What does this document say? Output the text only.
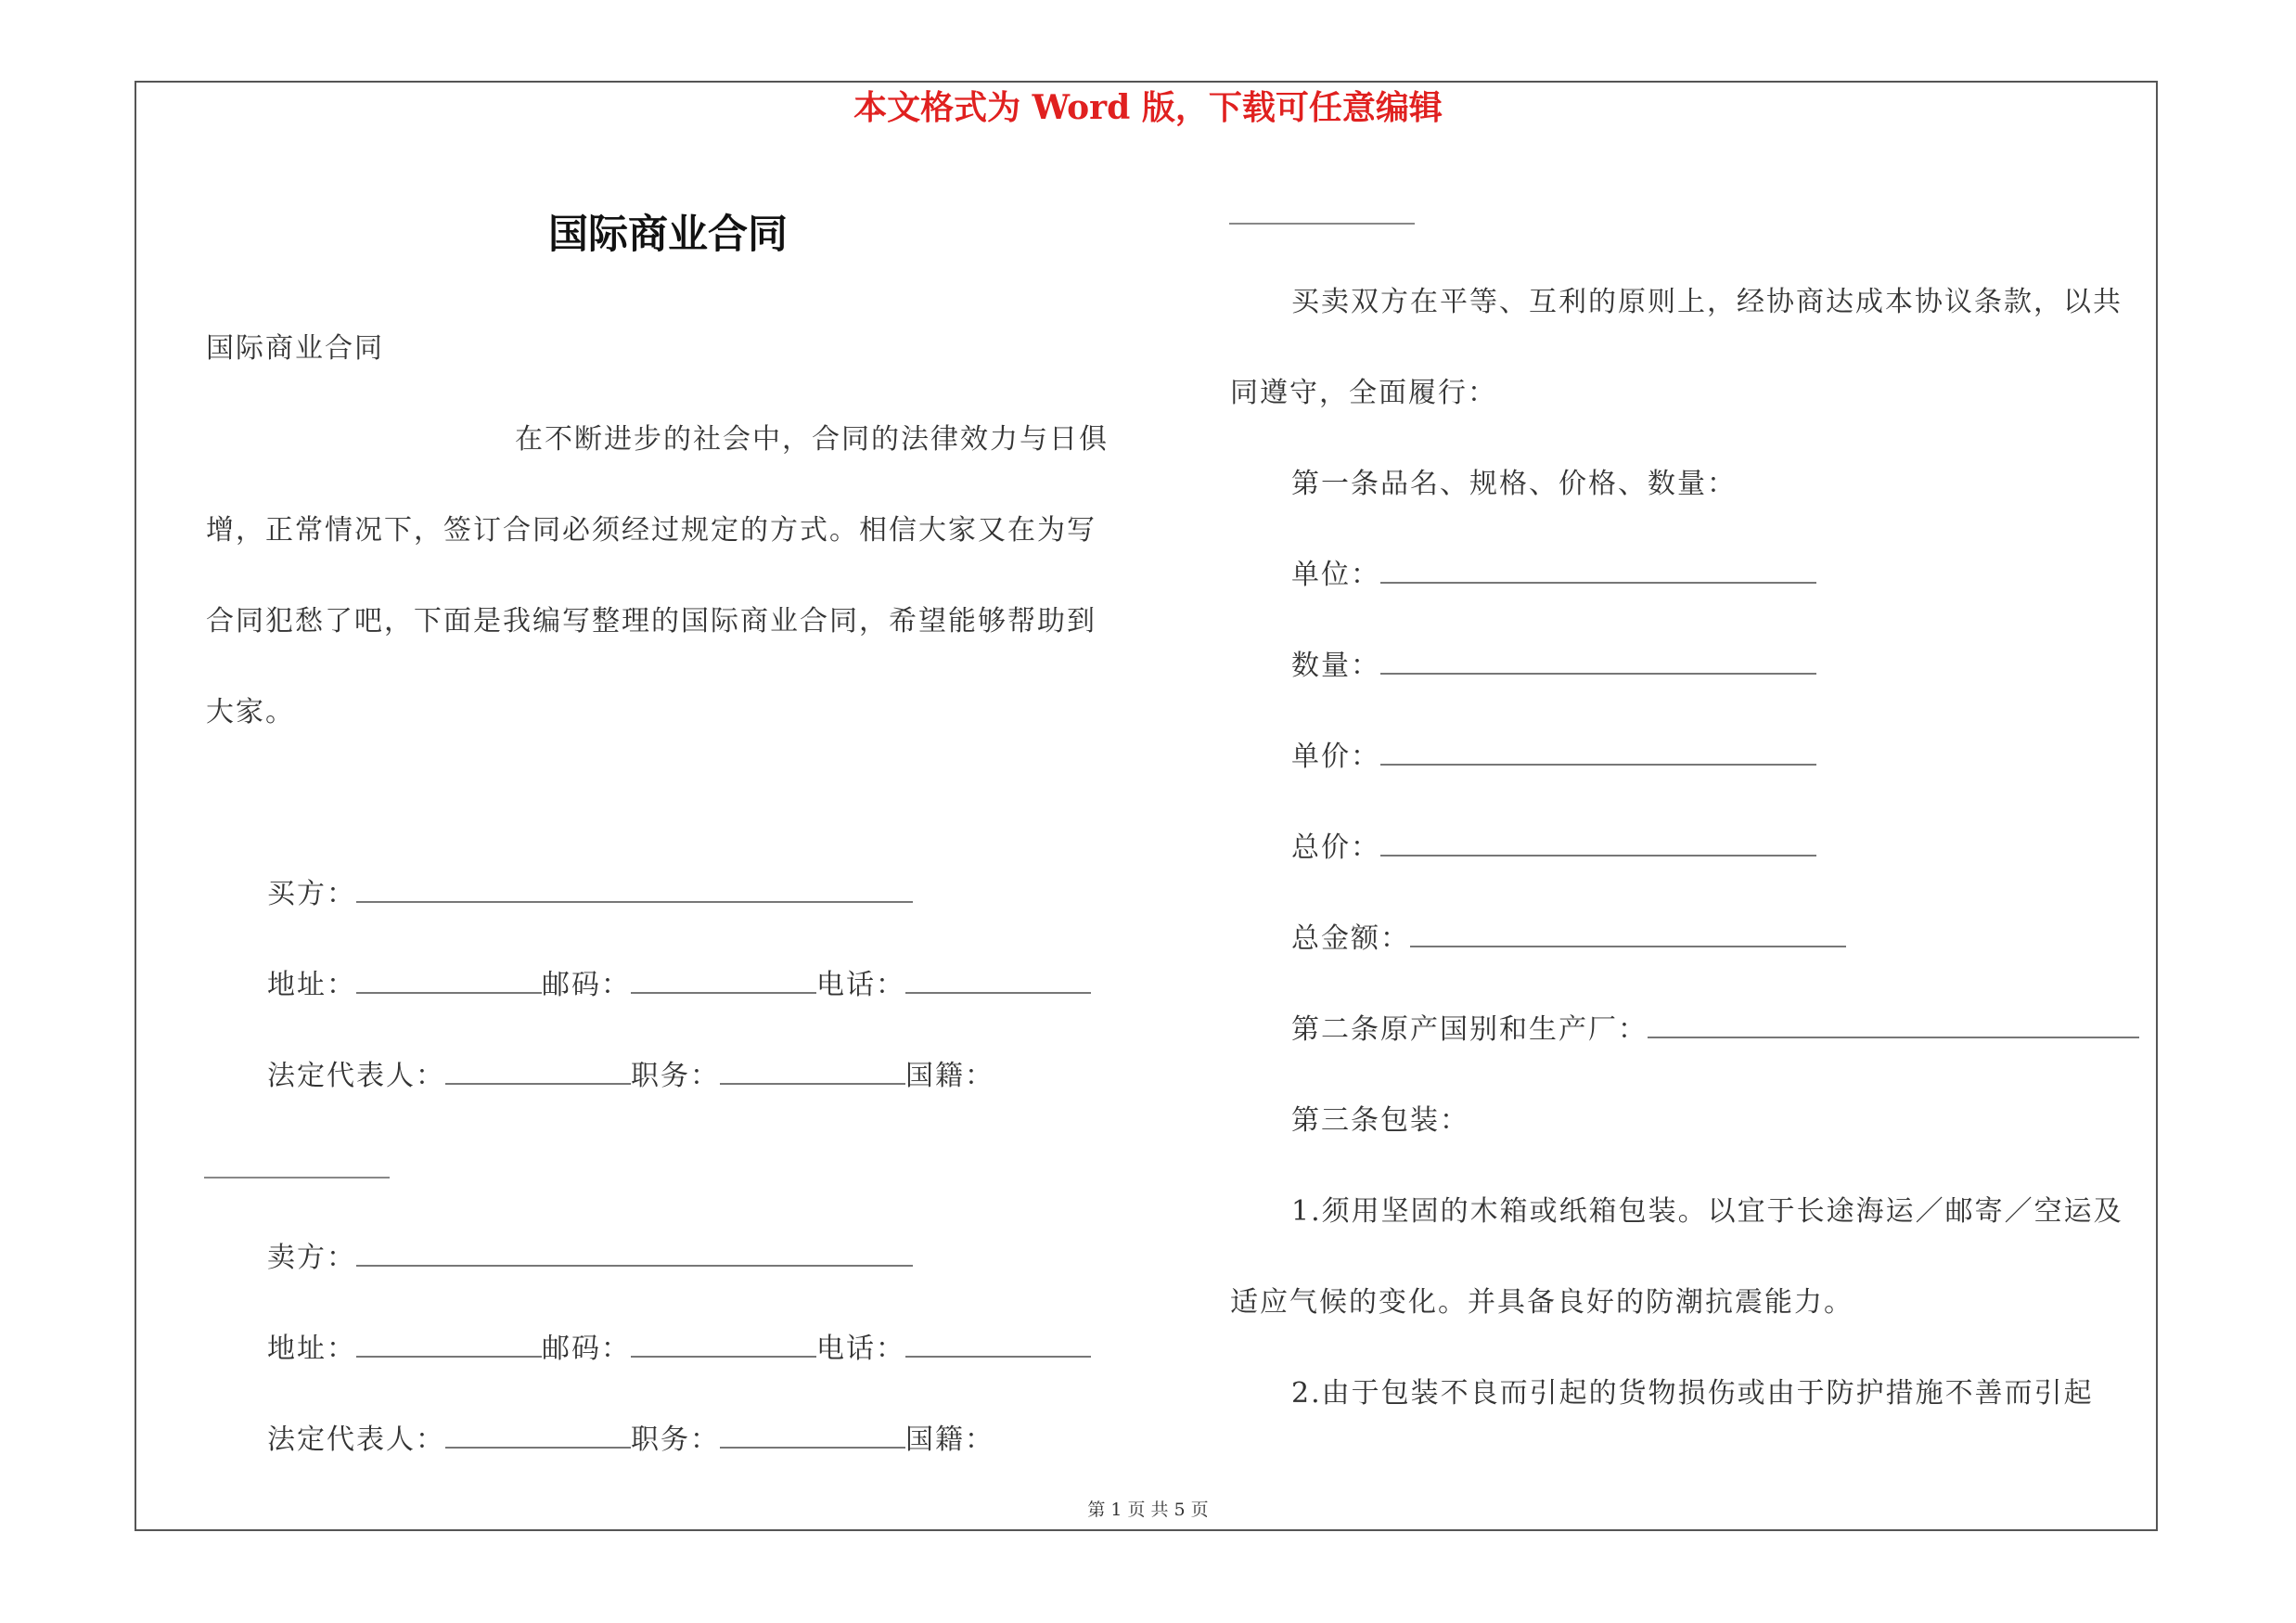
本文格式为 Word 版，下载可任意编辑
国际商业合同
国际商业合同
在不断进步的社会中，合同的法律效力与日俱
增，正常情况下，签订合同必须经过规定的方式。相信大家又在为写
合同犯愁了吧，下面是我编写整理的国际商业合同，希望能够帮助到
大家。
买方：
地址：	邮码：	电话：
法定代表人：	职务：	国籍：
卖方：
地址：	邮码：	电话：
法定代表人：	职务：	国籍：
买卖双方在平等、互利的原则上，经协商达成本协议条款，以共
同遵守，全面履行：
第一条品名、规格、价格、数量：
单位：
数量：
单价：
总价：
总金额：
第二条原产国别和生产厂：
第三条包装：
1.须用坚固的木箱或纸箱包装。以宜于长途海运／邮寄／空运及
适应气候的变化。并具备良好的防潮抗震能力。
2.由于包装不良而引起的货物损伤或由于防护措施不善而引起
第 1 页 共 5 页
